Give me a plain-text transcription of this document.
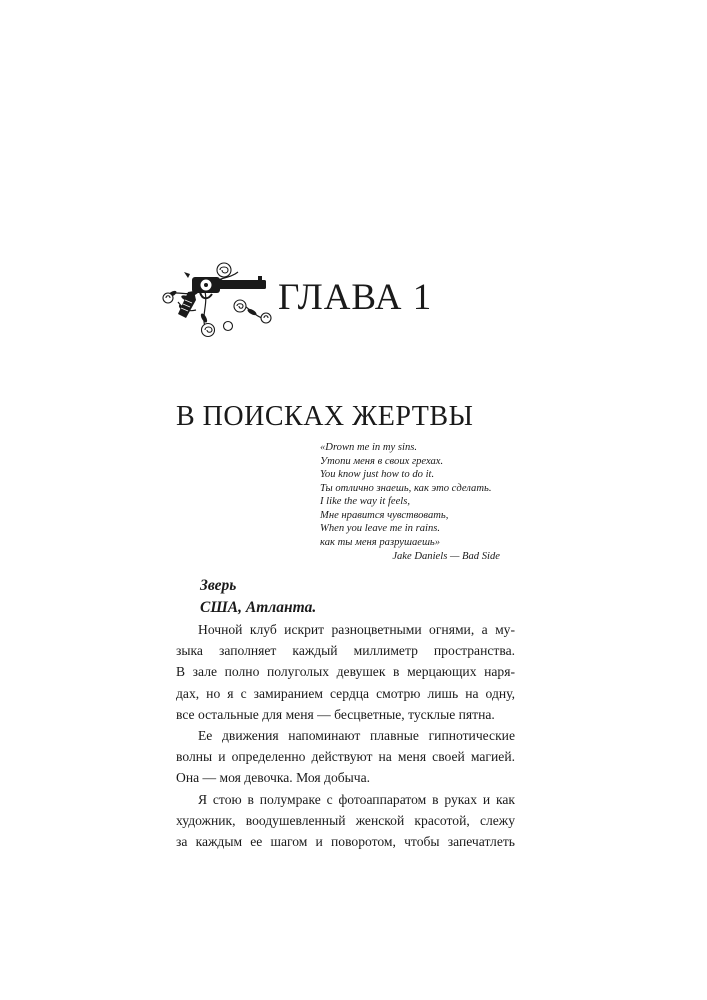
ГЛАВА 1
В ПОИСКАХ ЖЕРТВЫ
«Drown me in my sins.
Утопи меня в своих грехах.
You know just how to do it.
Ты отлично знаешь, как это сделать.
I like the way it feels,
Мне нравится чувствовать,
When you leave me in rains.
как ты меня разрушаешь»
Jake Daniels — Bad Side
Зверь
США, Атланта.
Ночной клуб искрит разноцветными огнями, а му-
зыка заполняет каждый миллиметр пространства.
В зале полно полуголых девушек в мерцающих наря-
дах, но я с замиранием сердца смотрю лишь на одну,
все остальные для меня — бесцветные, тусклые пятна.
Ее движения напоминают плавные гипнотические
волны и определенно действуют на меня своей магией.
Она — моя девочка. Моя добыча.
Я стою в полумраке с фотоаппаратом в руках и как
художник, воодушевленный женской красотой, слежу
за каждым ее шагом и поворотом, чтобы запечатлеть
